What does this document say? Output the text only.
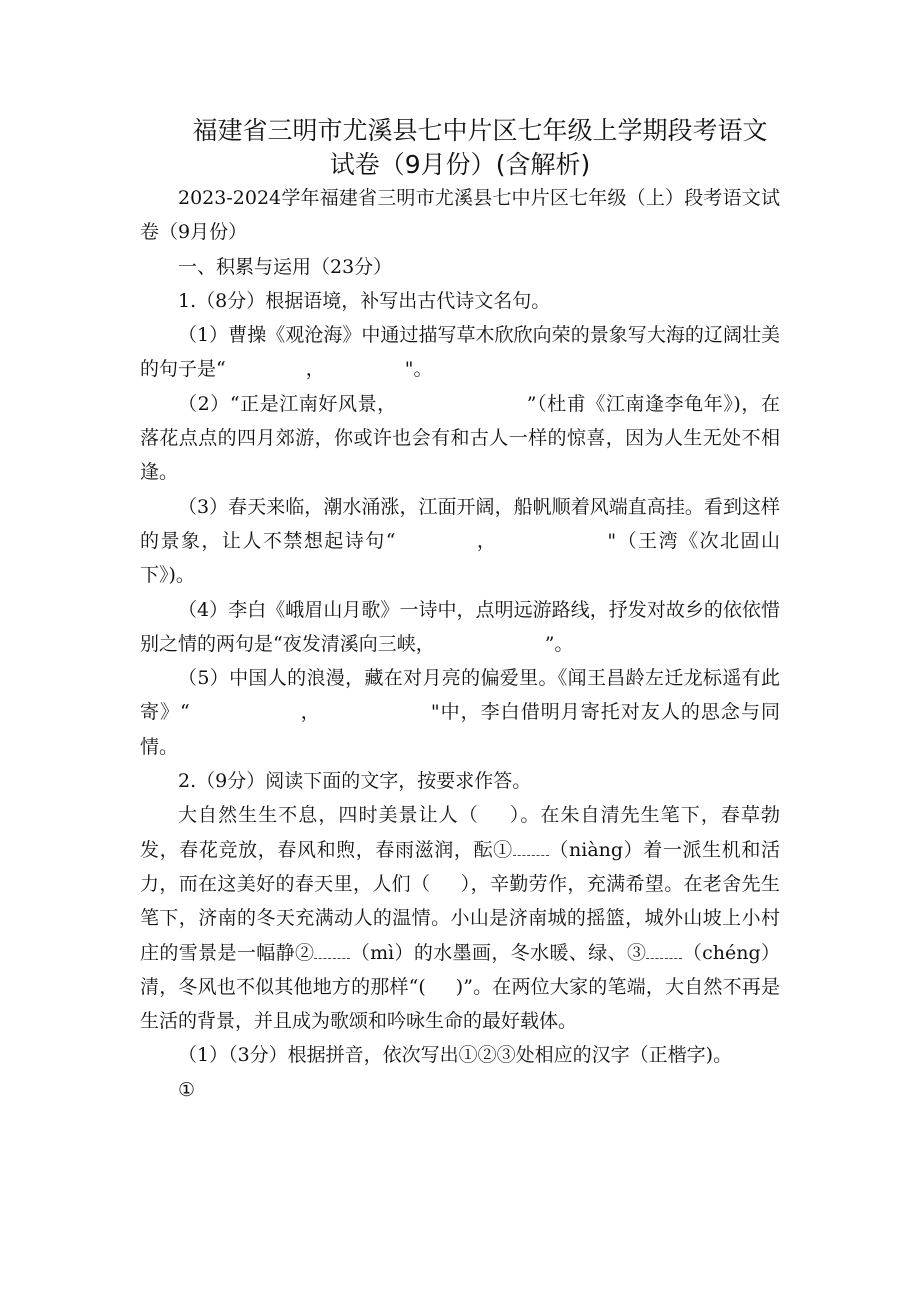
福建省三明市尤溪县七中片区七年级上学期段考语文
试卷（9月份）(含解析)

2023-2024学年福建省三明市尤溪县七中片区七年级（上）段考语文试卷（9月份）

一、积累与运用（23分）

1.（8分）根据语境，补写出古代诗文名句。

（1）曹操《观沧海》中通过描写草木欣欣向荣的景象写大海的辽阔壮美的句子是“	，	"。

（2）“正是江南好风景，	”（杜甫《江南逢李龟年》)，在落花点点的四月郊游，你或许也会有和古人一样的惊喜，因为人生无处不相逢。

（3）春天来临，潮水涌涨，江面开阔，船帆顺着风端直高挂。看到这样的景象，让人不禁想起诗句“	，	"（王湾《次北固山下》)。

（4）李白《峨眉山月歌》一诗中，点明远游路线，抒发对故乡的依依惜别之情的两句是“夜发清溪向三峡，	”。

（5）中国人的浪漫，藏在对月亮的偏爱里。《闻王昌龄左迁龙标遥有此寄》“	，	"中，李白借明月寄托对友人的思念与同情。

2.（9分）阅读下面的文字，按要求作答。

大自然生生不息，四时美景让人（ ）。在朱自清先生笔下，春草勃发，春花竞放，春风和煦，春雨滋润，酝① （niàng）着一派生机和活力，而在这美好的春天里，人们（ ），辛勤劳作，充满希望。在老舍先生笔下，济南的冬天充满动人的温情。小山是济南城的摇篮，城外山坡上小村庄的雪景是一幅静② （mì）的水墨画，冬水暖、绿、③ （chéng）清，冬风也不似其他地方的那样“( )”。在两位大家的笔端，大自然不再是生活的背景，并且成为歌颂和吟咏生命的最好载体。

（1）（3分）根据拼音，依次写出①②③处相应的汉字（正楷字)。

①
